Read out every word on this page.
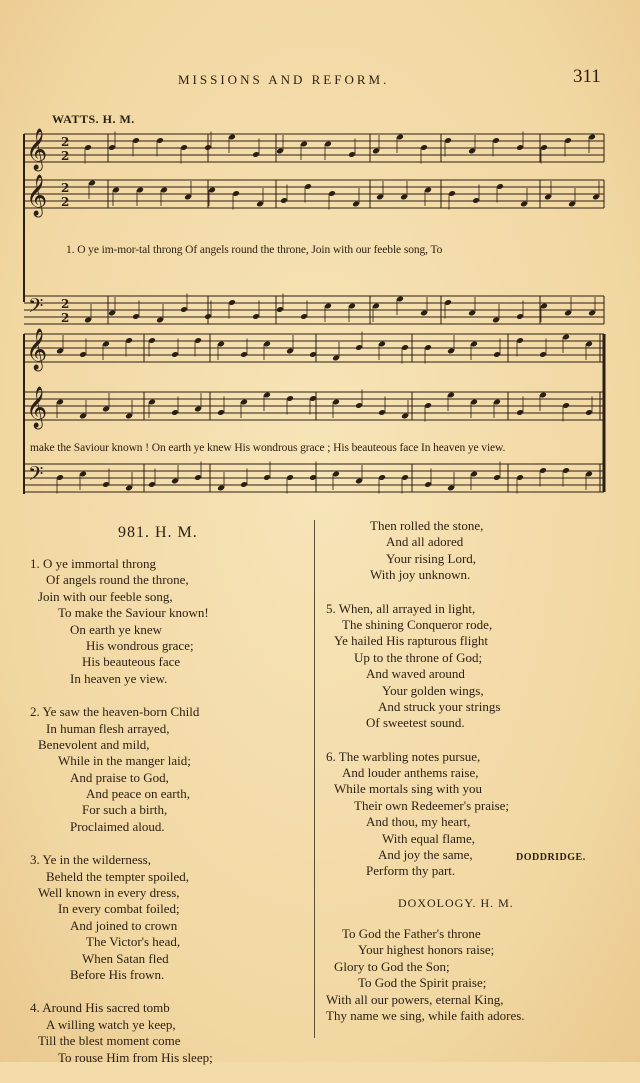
MISSIONS AND REFORM.	311
WATTS. H. M.
𝄞
𝄞
𝄢
2
2
2
2
2
2
𝄞
𝄞
𝄢
1. O ye im-mor-tal throng Of angels round the throne, Join with our feeble song, To
make the Saviour known ! On earth ye knew His wondrous grace ; His beauteous face In heaven ye view.
981. H. M.
1. O ye immortal throng
Of angels round the throne,
Join with our feeble song,
To make the Saviour known!
On earth ye knew
His wondrous grace;
His beauteous face
In heaven ye view.
2. Ye saw the heaven-born Child
In human flesh arrayed,
Benevolent and mild,
While in the manger laid;
And praise to God,
And peace on earth,
For such a birth,
Proclaimed aloud.
3. Ye in the wilderness,
Beheld the tempter spoiled,
Well known in every dress,
In every combat foiled;
And joined to crown
The Victor's head,
When Satan fled
Before His frown.
4. Around His sacred tomb
A willing watch ye keep,
Till the blest moment come
To rouse Him from His sleep;
Then rolled the stone,
And all adored
Your rising Lord,
With joy unknown.
5. When, all arrayed in light,
The shining Conqueror rode,
Ye hailed His rapturous flight
Up to the throne of God;
And waved around
Your golden wings,
And struck your strings
Of sweetest sound.
6. The warbling notes pursue,
And louder anthems raise,
While mortals sing with you
Their own Redeemer's praise;
And thou, my heart,
With equal flame,
And joy the same,
Perform thy part.
DODDRIDGE.
DOXOLOGY. H. M.
To God the Father's throne
Your highest honors raise;
Glory to God the Son;
To God the Spirit praise;
With all our powers, eternal King,
Thy name we sing, while faith adores.
